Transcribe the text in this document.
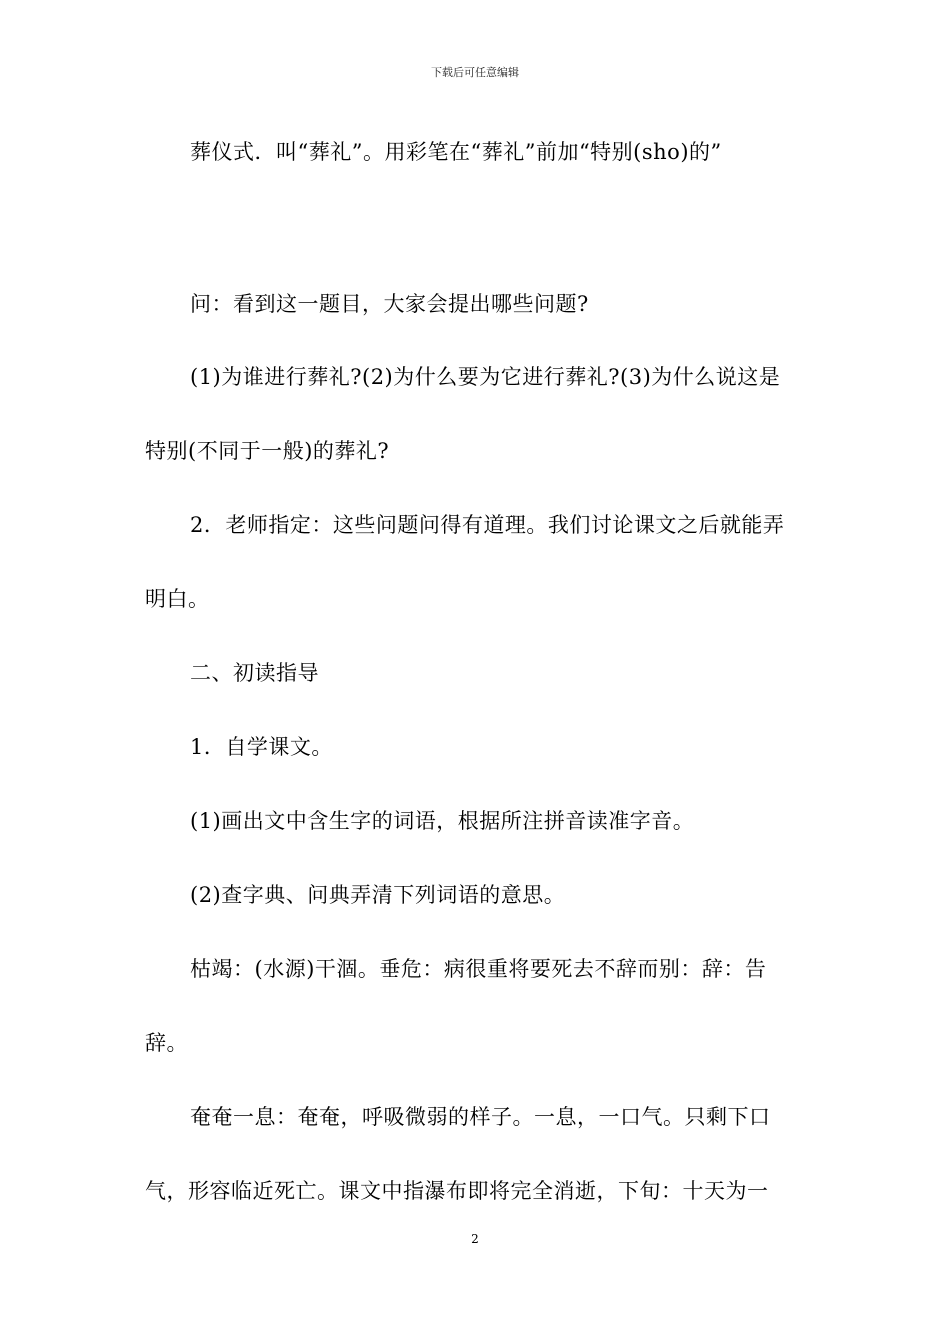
下载后可任意编辑
葬仪式．叫“葬礼”。用彩笔在“葬礼”前加“特别(sho)的”
问：看到这一题目，大家会提出哪些问题?
(1)为谁进行葬礼?(2)为什么要为它进行葬礼?(3)为什么说这是
特别(不同于一般)的葬礼?
2．老师指定：这些问题问得有道理。我们讨论课文之后就能弄
明白。
二、初读指导
1．自学课文。
(1)画出文中含生字的词语，根据所注拼音读准字音。
(2)查字典、问典弄清下列词语的意思。
枯竭：(水源)干涸。垂危：病很重将要死去不辞而别：辞：告
辞。
奄奄一息：奄奄，呼吸微弱的样子。一息，一口气。只剩下口
气，形容临近死亡。课文中指瀑布即将完全消逝，下旬：十天为一
2
